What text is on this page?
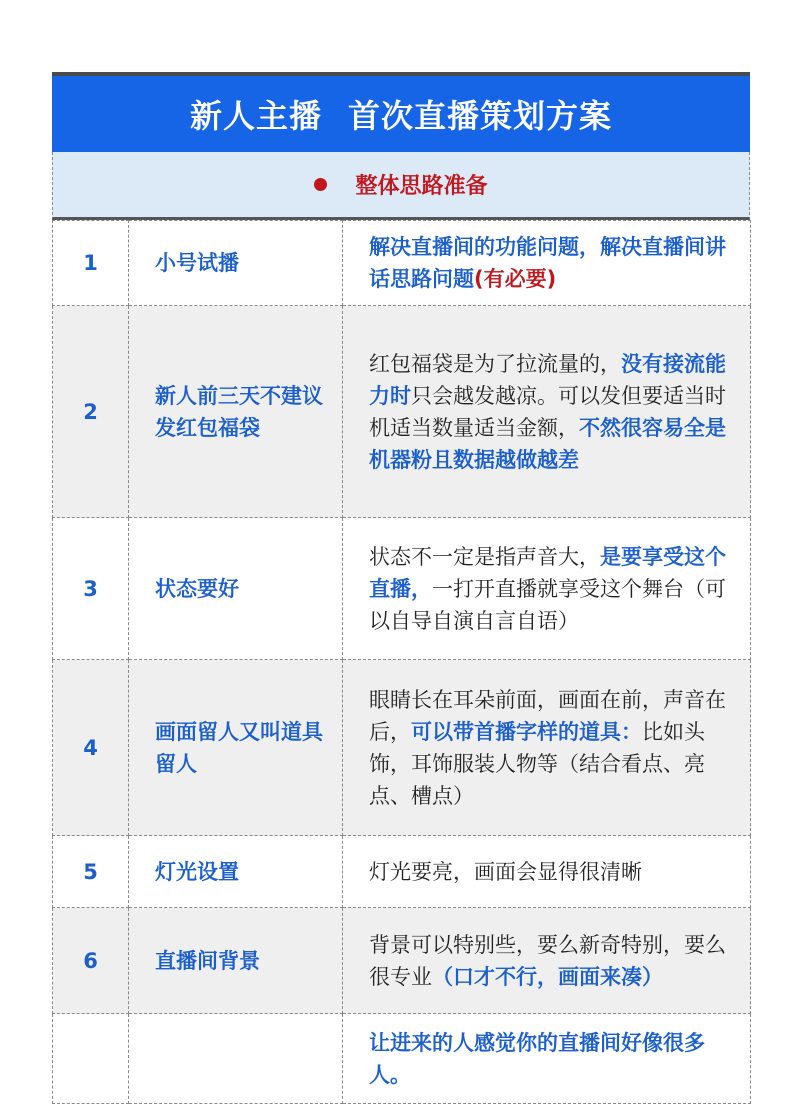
新人主播 首次直播策划方案
整体思路准备
1	小号试播	解决直播间的功能问题，解决直播间讲话思路问题(有必要)
2	新人前三天不建议发红包福袋	红包福袋是为了拉流量的，没有接流能力时只会越发越凉。可以发但要适当时机适当数量适当金额，不然很容易全是机器粉且数据越做越差
3	状态要好	状态不一定是指声音大，是要享受这个直播，一打开直播就享受这个舞台（可以自导自演自言自语）
4	画面留人又叫道具留人	眼睛长在耳朵前面，画面在前，声音在后，可以带首播字样的道具：比如头饰，耳饰服装人物等（结合看点、亮点、槽点）
5	灯光设置	灯光要亮，画面会显得很清晰
6	直播间背景	背景可以特别些，要么新奇特别，要么很专业（口才不行，画面来凑）
		让进来的人感觉你的直播间好像很多人。
